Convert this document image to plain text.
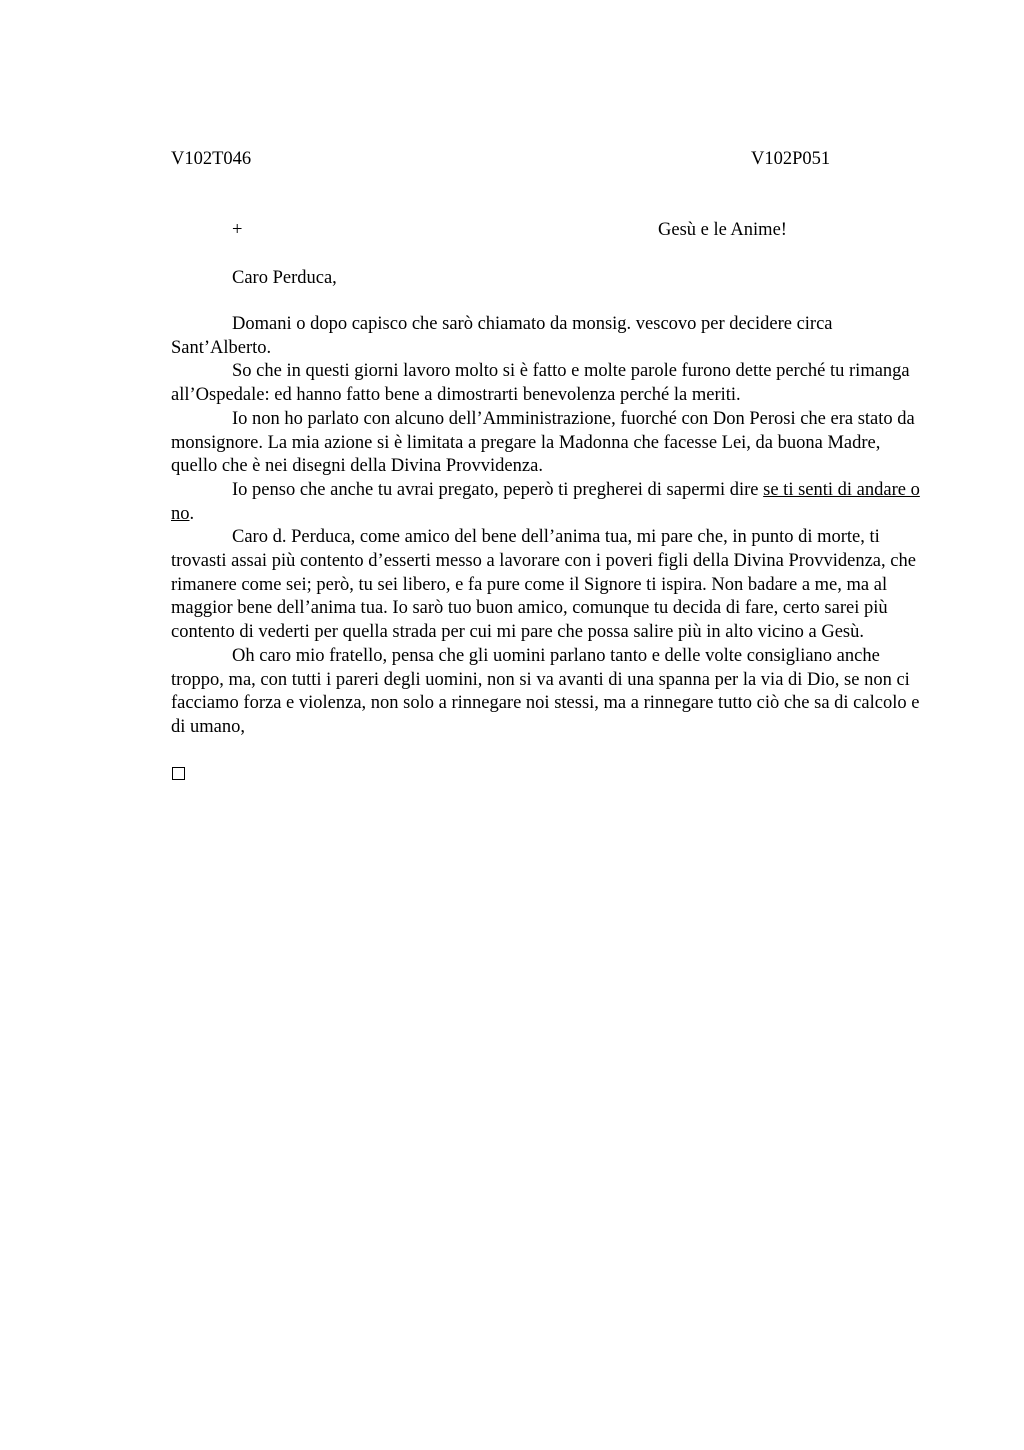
V102T046	V102P051
+	Gesù e le Anime!
Caro Perduca,

Domani o dopo capisco che sarò chiamato da monsig. vescovo per decidere circa Sant’Alberto.

So che in questi giorni lavoro molto si è fatto e molte parole furono dette perché tu rimanga all’Ospedale: ed hanno fatto bene a dimostrarti benevolenza perché la meriti.

Io non ho parlato con alcuno dell’Amministrazione, fuorché con Don Perosi che era stato da monsignore. La mia azione si è limitata a pregare la Madonna che facesse Lei, da buona Madre, quello che è nei disegni della Divina Provvidenza.

Io penso che anche tu avrai pregato, peperò ti pregherei di sapermi dire se ti senti di andare o no.

Caro d. Perduca, come amico del bene dell’anima tua, mi pare che, in punto di morte, ti trovasti assai più contento d’esserti messo a lavorare con i poveri figli della Divina Provvidenza, che rimanere come sei; però, tu sei libero, e fa pure come il Signore ti ispira. Non badare a me, ma al maggior bene dell’anima tua. Io sarò tuo buon amico, comunque tu decida di fare, certo sarei più contento di vederti per quella strada per cui mi pare che possa salire più in alto vicino a Gesù.

Oh caro mio fratello, pensa che gli uomini parlano tanto e delle volte consigliano anche troppo, ma, con tutti i pareri degli uomini, non si va avanti di una spanna per la via di Dio, se non ci facciamo forza e violenza, non solo a rinnegare noi stessi, ma a rinnegare tutto ciò che sa di calcolo e di umano,
